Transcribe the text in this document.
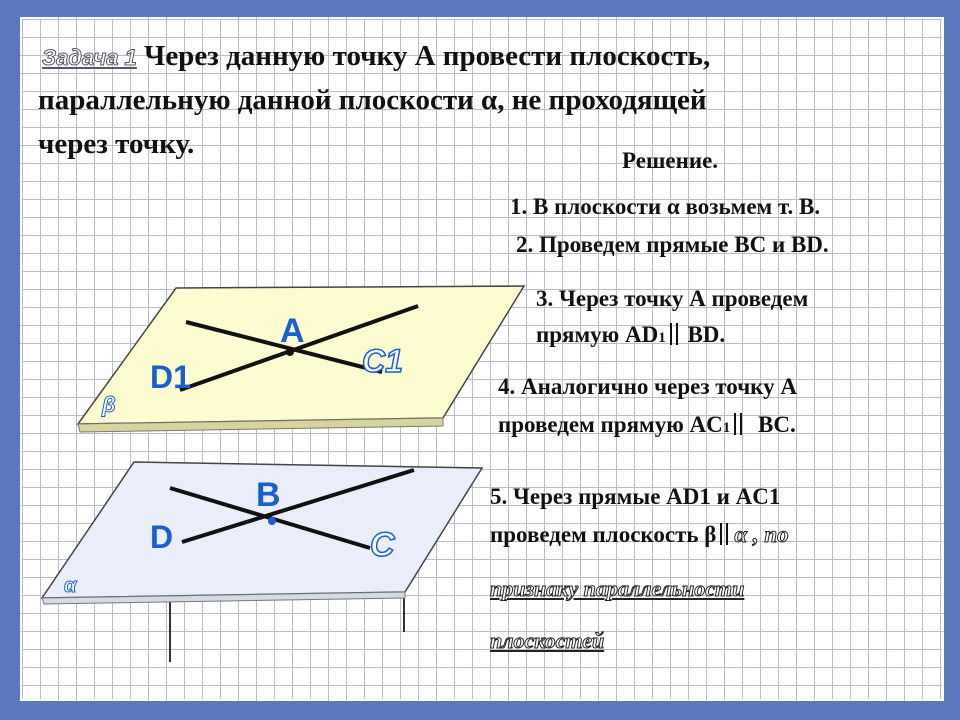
Задача 1 Через данную точку А провести плоскость,
параллельную данной плоскости α, не проходящей
через точку.
Решение.
1. В плоскости α возьмем т. В.
2. Проведем прямые ВС и ВD.
3. Через точку А проведем
прямую AD1 BD.
4. Аналогично через точку А
проведем прямую AC1 BC.
5. Через прямые AD1 и AC1
проведем плоскость β α , по
признаку параллельности
плоскостей
A
D1	C1
β
B
D	C
α
